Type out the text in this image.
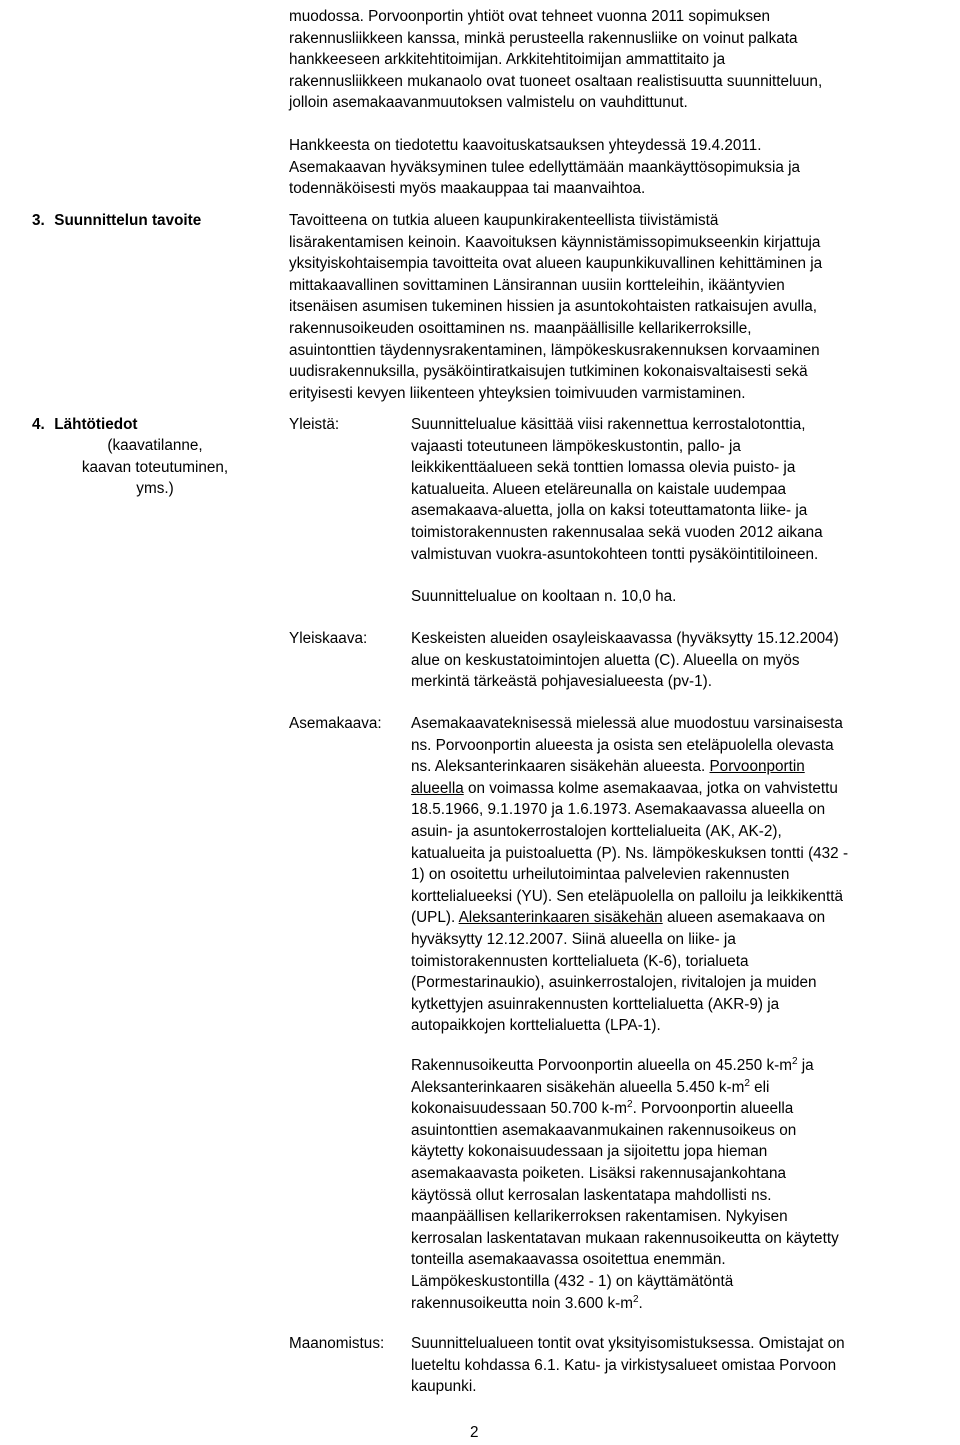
muodossa. Porvoonportin yhtiöt ovat tehneet vuonna 2011 sopimuksen
rakennusliikkeen kanssa, minkä perusteella rakennusliike on voinut palkata
hankkeeseen arkkitehtitoimijan. Arkkitehtitoimijan ammattitaito ja
rakennusliikkeen mukanaolo ovat tuoneet osaltaan realistisuutta suunnitteluun,
jolloin asemakaavanmuutoksen valmistelu on vauhdittunut.
Hankkeesta on tiedotettu kaavoituskatsauksen yhteydessä 19.4.2011.
Asemakaavan hyväksyminen tulee edellyttämään maankäyttösopimuksia ja
todennäköisesti myös maakauppaa tai maanvaihtoa.
3. Suunnittelun tavoite	Tavoitteena on tutkia alueen kaupunkirakenteellista tiivistämistä
lisärakentamisen keinoin. Kaavoituksen käynnistämissopimukseenkin kirjattuja
yksityiskohtaisempia tavoitteita ovat alueen kaupunkikuvallinen kehittäminen ja
mittakaavallinen sovittaminen Länsirannan uusiin kortteleihin, ikääntyvien
itsenäisen asumisen tukeminen hissien ja asuntokohtaisten ratkaisujen avulla,
rakennusoikeuden osoittaminen ns. maanpäällisille kellarikerroksille,
asuintonttien täydennysrakentaminen, lämpökeskusrakennuksen korvaaminen
uudisrakennuksilla, pysäköintiratkaisujen tutkiminen kokonaisvaltaisesti sekä
erityisesti kevyen liikenteen yhteyksien toimivuuden varmistaminen.
4. Lähtötiedot
(kaavatilanne,
kaavan toteutuminen,
yms.)
Yleistä:	Suunnittelualue käsittää viisi rakennettua kerrostalotonttia,
vajaasti toteutuneen lämpökeskustontin, pallo- ja
leikkikenttäalueen sekä tonttien lomassa olevia puisto- ja
katualueita. Alueen eteläreunalla on kaistale uudempaa
asemakaava-aluetta, jolla on kaksi toteuttamatonta liike- ja
toimistorakennusten rakennusalaa sekä vuoden 2012 aikana
valmistuvan vuokra-asuntokohteen tontti pysäköintitiloineen.
Suunnittelualue on kooltaan n. 10,0 ha.
Yleiskaava:	Keskeisten alueiden osayleiskaavassa (hyväksytty 15.12.2004)
alue on keskustatoimintojen aluetta (C). Alueella on myös
merkintä tärkeästä pohjavesialueesta (pv-1).
Asemakaava: Asemakaavateknisessä mielessä alue muodostuu varsinaisesta
ns. Porvoonportin alueesta ja osista sen eteläpuolella olevasta
ns. Aleksanterinkaaren sisäkehän alueesta. Porvoonportin
alueella on voimassa kolme asemakaavaa, jotka on vahvistettu
18.5.1966, 9.1.1970 ja 1.6.1973. Asemakaavassa alueella on
asuin- ja asuntokerrostalojen korttelialueita (AK, AK-2),
katualueita ja puistoaluetta (P). Ns. lämpökeskuksen tontti (432 -
1) on osoitettu urheilutoimintaa palvelevien rakennusten
korttelialueeksi (YU). Sen eteläpuolella on palloilu ja leikkikenttä
(UPL). Aleksanterinkaaren sisäkehän alueen asemakaava on
hyväksytty 12.12.2007. Siinä alueella on liike- ja
toimistorakennusten korttelialueta (K-6), torialueta
(Pormestarinaukio), asuinkerrostalojen, rivitalojen ja muiden
kytkettyjen asuinrakennusten korttelialuetta (AKR-9) ja
autopaikkojen korttelialuetta (LPA-1).
Rakennusoikeutta Porvoonportin alueella on 45.250 $k-m^2$ ja
Aleksanterinkaaren sisäkehän alueella 5.450 $k-m^2$ eli
kokonaisuudessaan 50.700 $k-m^2$. Porvoonportin alueella
asuintonttien asemakaavanmukainen rakennusoikeus on
käytetty kokonaisuudessaan ja sijoitettu jopa hieman
asemakaavasta poiketen. Lisäksi rakennusajankohtana
käytössä ollut kerrosalan laskentatapa mahdollisti ns.
maanpäällisen kellarikerroksen rakentamisen. Nykyisen
kerrosalan laskentatavan mukaan rakennusoikeutta on käytetty
tonteilla asemakaavassa osoitettua enemmän.
Lämpökeskustontilla (432 - 1) on käyttämätöntä
rakennusoikeutta noin 3.600 $k-m^2$.
Maanomistus: Suunnittelualueen tontit ovat yksityisomistuksessa. Omistajat on
lueteltu kohdassa 6.1. Katu- ja virkistysalueet omistaa Porvoon
kaupunki.
2
